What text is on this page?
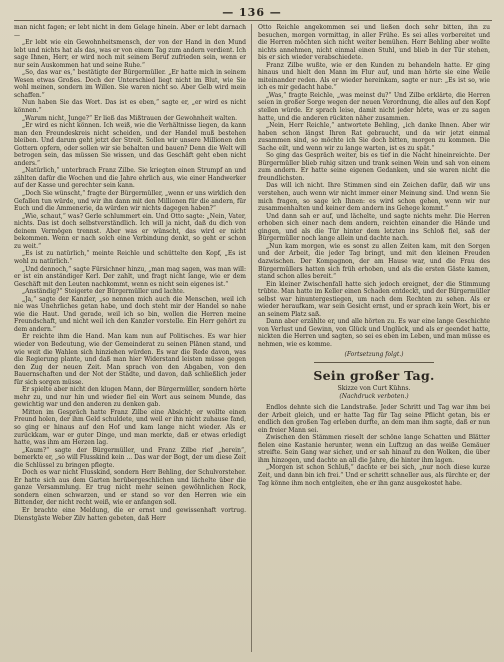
— 136 —

man nicht fagen; er lebt nicht in dem Gelage hinein. Aber er lebt darnach —

„Er lebt wie ein Gewohnheitsmensch, der von der Hand in den Mund lebt und nichts hat als das, was er von einem Tag zum andern verdient. Ich sage Ihnen, Herr, er wird noch mit seinem Beruf zufrieden sein, wenn er nur sein Auskommen hat und seine Ruhe.“

„So, das war es,“ bestätigte der Bürgermüller. „Er hatte mich in seinem Wesen etwas Großes. Doch der Unterschied liegt nicht im Blut, wie Sie wohl meinen, sondern im Willen. Sie waren nicht so. Aber Gelb wird mein schaffen.“

Nun haben Sie das Wort. Das ist es eben,“ sagte er, „er wird es nicht können.“

„Warum nicht, Junge?“ Er ließ das Mißtrauen der Gewohnheit walten.

„Er wird es nicht können. Ich weiß, wie die Verhältnisse liegen, da kann man den Freundeskreis nicht scheiden, und der Handel muß bestehen bleiben. Und darum geht jetzt der Streit. Sollen wir unsere Millionen den Gottern opfern, oder sollen wir sie behalten und bauen? Denn die Welt will betrogen sein, das müssen Sie wissen, und das Geschäft geht eben nicht anders.“

„Natürlich,“ unterbrach Franz Zilbe. Sie kriegten einen Strumpf an und zählten dafür die Wochen und die Jahre ehrlich aus, wie einer Handwerker auf der Kasse und gerechter sein kann.

„Doch Sie wünscht,“ fragte der Bürgermüller, „wenn er uns wirklich den Gefallen tun würde, und wir ihn dann mit den Millionen für die andern, für Euch und die Ammenerie, da würden wir nichts dagegen haben?“

„Wie, schaut,“ was? Gerle schlummert ein. Und Otto sagte: „Nein, Vater, nichts. Das ist doch selbstverständlich. Ich will ja nicht, daß du dich von deinem Vermögen trennst. Aber was er wünscht, das wird er nicht bekommen. Wenn er nach solch eine Verbindung denkt, so geht er schon zu weit.“

„Es ist zu natürlich,“ meinte Reichle und schüttelte den Kopf, „Es ist wohl zu natürlich.“

„Und dennoch,“ sagte Fürsichner hinzu, „man mag sagen, was man will: er ist ein anständiger Kerl. Der zahlt, und fragt nicht lange, wie er dem Geschäft mit den Leuten nachkommt, wenn es nicht sein eigenes ist.“

„Anständig?“ Steigerte der Bürgermüller und lachte.

„Ja,“ sagte der Kanzler, „so nennen mich auch die Menschen, weil ich nie was Unehrliches getan habe, und doch steht mir der Handel so nahe wie die Haut. Und gerade, weil ich so bin, wollen die Herren meine Freundschaft, und nicht weil ich den Kanzler vorstelle. Ein Herr gehört zu dem andern.“

Er reichte ihm die Hand. Man kam nun auf Politisches. Es war hier wieder von Bedeutung, wie der Gemeinderat zu seinen Plänen stand, und wie weit die Wahlen sich hinziehen würden. Es war die Rede davon, was die Regierung plante, und daß man hier Widerstand leisten müsse gegen den Zug der neuen Zeit. Man sprach von den Abgaben, von den Bauernschaften und der Not der Städte, und davon, daß schließlich jeder für sich sorgen müsse.

Er spielte aber nicht den klugen Mann, der Bürgermüller, sondern hörte mehr zu, und nur hin und wieder fiel ein Wort aus seinem Munde, das gewichtig war und den anderen zu denken gab.

Mitten im Gespräch hatte Franz Zilbe eine Absicht; er wollte einen Freund holen, der ihm Geld schuldete, und weil er ihn nicht zuhause fand, so ging er hinaus auf den Hof und kam lange nicht wieder. Als er zurückkam, war er guter Dinge, und man merkte, daß er etwas erledigt hatte, was ihm am Herzen lag.

„Kaum?“ sagte der Bürgermüller, und Franz Zilbe rief „herein“, bemerkte er, „so will Flusskind kein ... Das war der Bogt, der um diese Zeit die Schlüssel zu bringen pflegte.

Doch es war nicht Flusskind, sondern Herr Behling, der Schulvorsteher. Er hatte sich aus dem Garten herübergeschlichen und lächelte über die ganze Versammlung. Er trug nicht mehr seinen gewöhnlichen Rock, sondern einen schwarzen, und er stand so vor den Herren wie ein Bittender, der nicht recht weiß, wie er anfangen soll.

Er brachte eine Meldung, die er ernst und gewissenhaft vortrug. Dienstgäste Weber Zilv hatten gebeten, daß Herr

Otto Reichle angekommen sei und ließen doch sehr bitten, ihn zu besuchen, morgen vormittag, in aller Frühe. Es sei alles vorbereitet und die Herren möchten sich nicht weiter bemühen. Herr Behling aber wollte nichts annehmen, nicht einmal einen Stuhl, und blieb in der Tür stehen, bis er sich wieder verabschiedete.

Franz Zilbe wußte, wie er den Kunden zu behandeln hatte. Er ging hinaus und hielt den Mann im Flur auf, und man hörte sie eine Weile miteinander reden. Als er wieder hereinkam, sagte er nur: „Es ist so, wie ich es mir gedacht habe.“

„Was,“ fragte Reichle, „was meinst du?“ Und Zilbe erklärte, die Herren seien in großer Sorge wegen der neuen Verordnung, die alles auf den Kopf stellen würde. Er sprach leise, damit nicht jeder hörte, was er zu sagen hatte, und die anderen rückten näher zusammen.

„Nein, Herr Reichle,“ antwortete Behling, „ich danke Ihnen. Aber wir haben schon längst Ihren Rat gebraucht, und da wir jetzt einmal zusammen sind, so möchte ich Sie doch bitten, morgen zu kommen. Die Sache eilt, und wenn wir zu lange warten, ist es zu spät.“

So ging das Gespräch weiter, bis es tief in die Nacht hineinreichte. Der Bürgermüller blieb ruhig sitzen und trank seinen Wein und sah von einem zum andern. Er hatte seine eigenen Gedanken, und sie waren nicht die freundlichsten.

Das will ich nicht. Ihre Stimmen sind ein Zeichen dafür, daß wir uns verstehen, auch wenn wir nicht immer einer Meinung sind. Und wenn Sie mich fragen, so sage ich Ihnen: es wird schon gehen, wenn wir nur zusammenhalten und keiner dem andern ins Gehege kommt.“

Und dann sah er auf, und lächelte, und sagte nichts mehr. Die Herren erhoben sich einer nach dem andern, reichten einander die Hände und gingen, und als die Tür hinter dem letzten ins Schloß fiel, saß der Bürgermüller noch lange allein und dachte nach.

„Nun kam morgen, wie es sonst zu allen Zeiten kam, mit den Sorgen und der Arbeit, die jeder Tag bringt, und mit den kleinen Freuden dazwischen. Der Kompagnon, der am Hause war, und die Frau des Bürgermüllers hatten sich früh erhoben, und als die ersten Gäste kamen, stand schon alles bereit.“

Ein kleiner Zwischenfall hatte sich jedoch ereignet, der die Stimmung trübte. Man hatte im Keller einen Schaden entdeckt, und der Bürgermüller selbst war hinuntergestiegen, um nach dem Rechten zu sehen. Als er wieder heraufkam, war sein Gesicht ernst, und er sprach kein Wort, bis er an seinem Platz saß.

Dann aber erzählte er, und alle hörten zu. Es war eine lange Geschichte von Verlust und Gewinn, von Glück und Unglück, und als er geendet hatte, nickten die Herren und sagten, so sei es eben im Leben, und man müsse es nehmen, wie es komme.

(Fortsetzung folgt.)
Sein großer Tag.
Skizze von Curt Kühns.
(Nachdruck verboten.)

Endlos dehnte sich die Landstraße. Jeder Schritt und Tag war ihm bei der Arbeit gleich, und er hatte Tag für Tag seine Pflicht getan, bis er endlich den großen Tag erleben durfte, an dem man ihm sagte, daß er nun ein freier Mann sei.

Zwischen den Stämmen rieselt der schöne lange Schatten und Blätter fielen eine Kastanie herunter, wenn ein Luftzug an das weiße Gemäuer streifte. Sein Gang war sicher, und er sah hinauf zu den Wolken, die über ihm hinzogen, und dachte an all die Jahre, die hinter ihm lagen.

„Morgen ist schon Schluß,“ dachte er bei sich, „nur noch diese kurze Zeit, und dann bin ich frei.“ Und er schritt schneller aus, als fürchte er, der Tag könne ihm noch entgleiten, ehe er ihn ganz ausgekostet habe.
